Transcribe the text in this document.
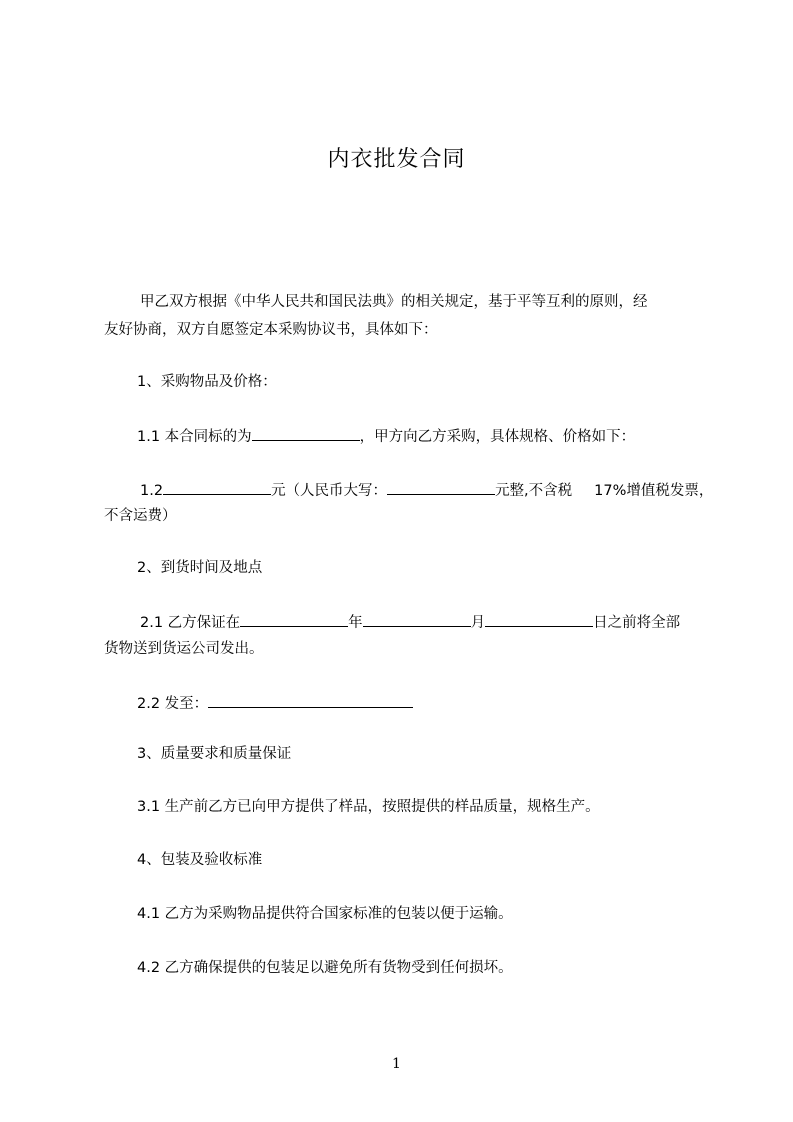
内衣批发合同
甲乙双方根据《中华人民共和国民法典》的相关规定，基于平等互利的原则，经
友好协商，双方自愿签定本采购协议书，具体如下：
1、采购物品及价格：
1.1 本合同标的为	，甲方向乙方采购，具体规格、价格如下：
1.2	元（人民币大写：	元整,不含税 17%增值税发票，
不含运费）
2、到货时间及地点
2.1 乙方保证在	年	月	日之前将全部
货物送到货运公司发出。
2.2 发至：
3、质量要求和质量保证
3.1 生产前乙方已向甲方提供了样品，按照提供的样品质量，规格生产。
4、包装及验收标准
4.1 乙方为采购物品提供符合国家标准的包装以便于运输。
4.2 乙方确保提供的包装足以避免所有货物受到任何损坏。
1
